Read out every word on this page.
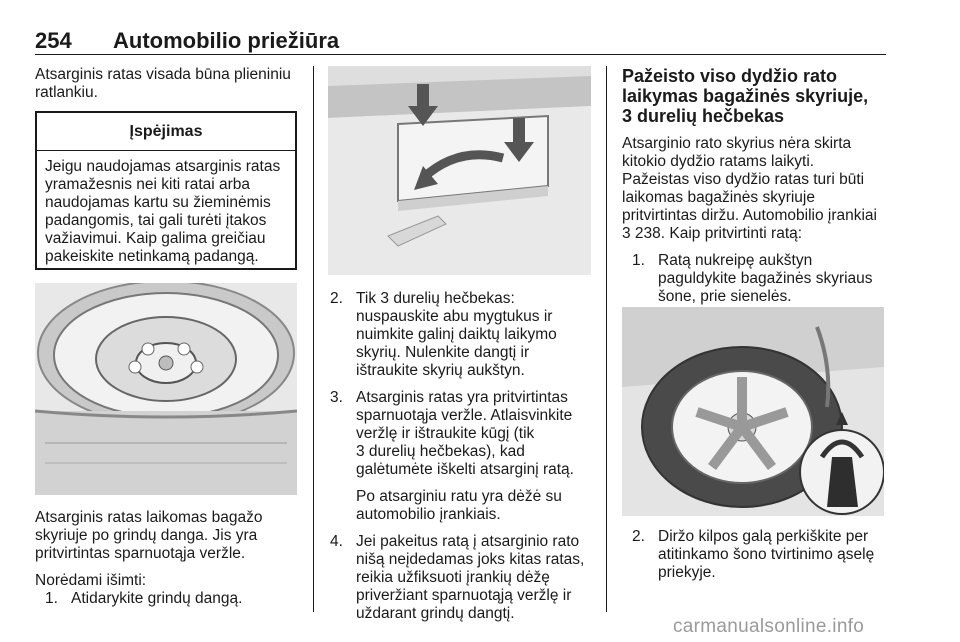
254 Automobilio priežiūra

Atsarginis ratas visada būna plieniniu
ratlankiu.

Įspėjimas
Jeigu naudojamas atsarginis ratas
yramažesnis nei kiti ratai arba
naudojamas kartu su žieminėmis
padangomis, tai gali turėti įtakos
važiavimui. Kaip galima greičiau
pakeiskite netinkamą padangą.

Atsarginis ratas laikomas bagažo
skyriuje po grindų danga. Jis yra
pritvirtintas sparnuotąja veržle.

Norėdami išimti:

1. Atidarykite grindų dangą.
2. Tik 3 durelių hečbekas:
nuspauskite abu mygtukus ir
nuimkite galinį daiktų laikymo
skyrių. Nulenkite dangtį ir
ištraukite skyrių aukštyn.
3. Atsarginis ratas yra pritvirtintas
sparnuotąja veržle. Atlaisvinkite
veržlę ir ištraukite kūgį (tik
3 durelių hečbekas), kad
galėtumėte iškelti atsarginį ratą.

Po atsarginiu ratu yra dėžė su
automobilio įrankiais.

4. Jei pakeitus ratą į atsarginio rato
nišą neįdedamas joks kitas ratas,
reikia užfiksuoti įrankių dėžę
priveržiant sparnuotąją veržlę ir
uždarant grindų dangtį.
Pažeisto viso dydžio rato
laikymas bagažinės skyriuje,
3 durelių hečbekas

Atsarginio rato skyrius nėra skirta
kitokio dydžio ratams laikyti.
Pažeistas viso dydžio ratas turi būti
laikomas bagažinės skyriuje
pritvirtintas diržu. Automobilio įrankiai
3 238. Kaip pritvirtinti ratą:

1. Ratą nukreipę aukštyn
paguldykite bagažinės skyriaus
šone, prie sienelės.
2. Diržo kilpos galą perkiškite per
atitinkamo šono tvirtinimo ąselę
priekyje.
carmanualsonline.info
